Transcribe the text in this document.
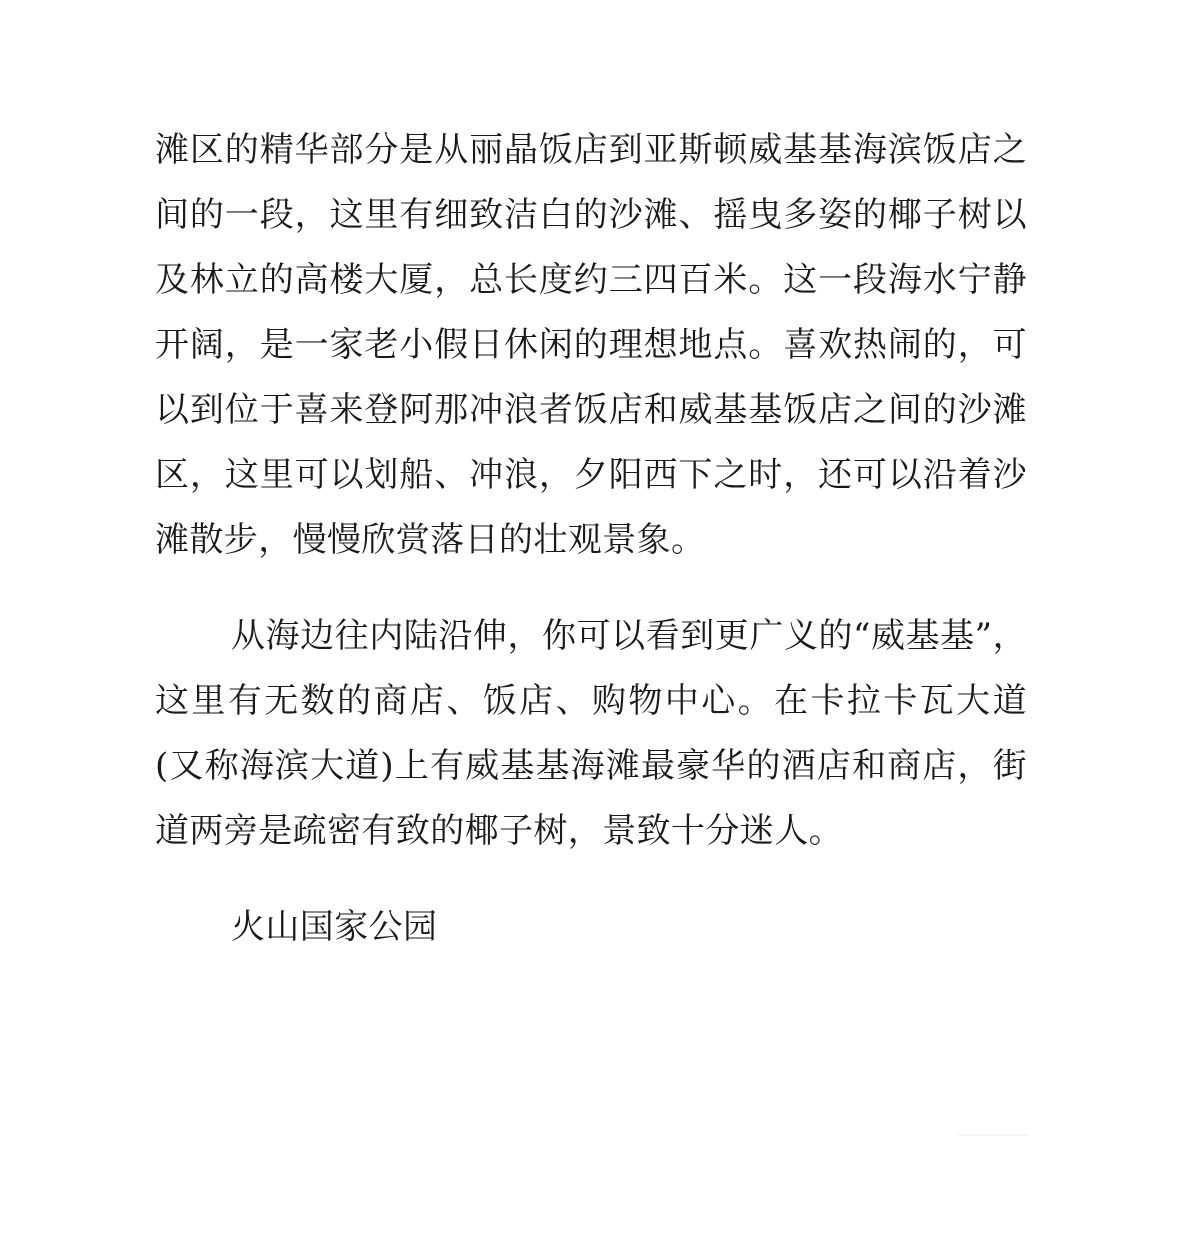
滩区的精华部分是从丽晶饭店到亚斯顿威基基海滨饭店之间的一段，这里有细致洁白的沙滩、摇曳多姿的椰子树以及林立的高楼大厦，总长度约三四百米。这一段海水宁静开阔，是一家老小假日休闲的理想地点。喜欢热闹的，可以到位于喜来登阿那冲浪者饭店和威基基饭店之间的沙滩区，这里可以划船、冲浪，夕阳西下之时，还可以沿着沙滩散步，慢慢欣赏落日的壮观景象。

从海边往内陆沿伸，你可以看到更广义的“威基基”，这里有无数的商店、饭店、购物中心。在卡拉卡瓦大道(又称海滨大道)上有威基基海滩最豪华的酒店和商店，街道两旁是疏密有致的椰子树，景致十分迷人。

火山国家公园
